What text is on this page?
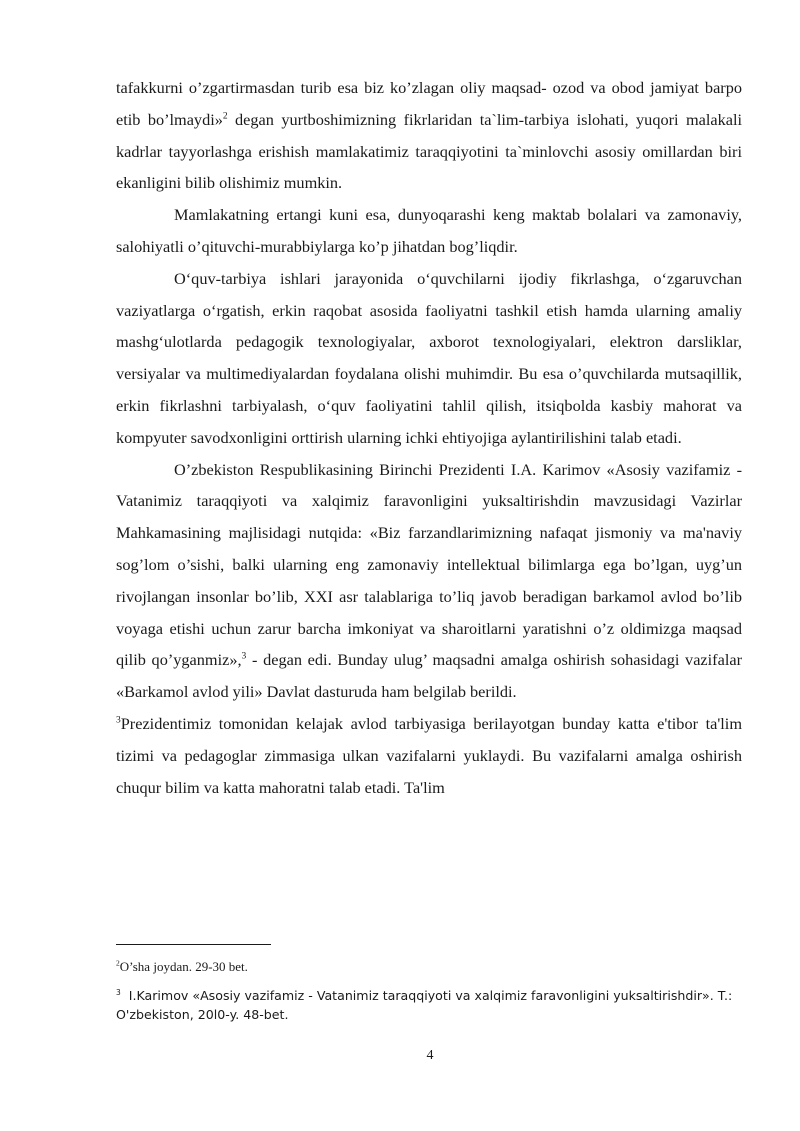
tafakkurni o’zgartirmasdan turib esa biz ko’zlagan oliy maqsad- ozod va obod jamiyat barpo etib bo’lmaydi»$^2$ degan yurtboshimizning fikrlaridan ta`lim-tarbiya islohati, yuqori malakali kadrlar tayyorlashga erishish mamlakatimiz taraqqiyotini ta`minlovchi asosiy omillardan biri ekanligini bilib olishimiz mumkin.

Mamlakatning ertangi kuni esa, dunyoqarashi keng maktab bolalari va zamonaviy, salohiyatli o’qituvchi-murabbiylarga ko’p jihatdan bog’liqdir.

O‘quv-tarbiya ishlari jarayonida o‘quvchilarni ijodiy fikrlashga, o‘zgaruvchan vaziyatlarga o‘rgatish, erkin raqobat asosida faoliyatni tashkil etish hamda ularning amaliy mashg‘ulotlarda pedagogik texnologiyalar, axborot texnologiyalari, elektron darsliklar, versiyalar va multimediyalardan foydalana olishi muhimdir. Bu esa o’quvchilarda mutsaqillik, erkin fikrlashni tarbiyalash, o‘quv faoliyatini tahlil qilish, itsiqbolda kasbiy mahorat va kompyuter savodxonligini orttirish ularning ichki ehtiyojiga aylantirilishini talab etadi.

O’zbekiston Respublikasining Birinchi Prezidenti I.A. Karimov «Asosiy vazifamiz - Vatanimiz taraqqiyoti va xalqimiz faravonligini yuksaltirishdin mavzusidagi Vazirlar Mahkamasining majlisidagi nutqida: «Biz farzandlarimizning nafaqat jismoniy va ma'naviy sog’lom o’sishi, balki ularning eng zamonaviy intellektual bilimlarga ega bo’lgan, uyg’un rivojlangan insonlar bo’lib, XXI asr talablariga to’liq javob beradigan barkamol avlod bo’lib voyaga etishi uchun zarur barcha imkoniyat va sharoitlarni yaratishni o’z oldimizga maqsad qilib qo’yganmiz»,$^3$ - degan edi. Bunday ulug’ maqsadni amalga oshirish sohasidagi vazifalar «Barkamol avlod yili» Davlat dasturuda ham belgilab berildi.

$^3$Prezidentimiz tomonidan kelajak avlod tarbiyasiga berilayotgan bunday katta e'tibor ta'lim tizimi va pedagoglar zimmasiga ulkan vazifalarni yuklaydi. Bu vazifalarni amalga oshirish chuqur bilim va katta mahoratni talab etadi. Ta'lim

$^2$O’sha joydan. 29-30 bet.
$^3$ I.Karimov «Asosiy vazifamiz - Vatanimiz taraqqiyoti va xalqimiz faravonligini yuksaltirishdir». T.: O'zbekiston, 20l0-y. 48-bet.
4
